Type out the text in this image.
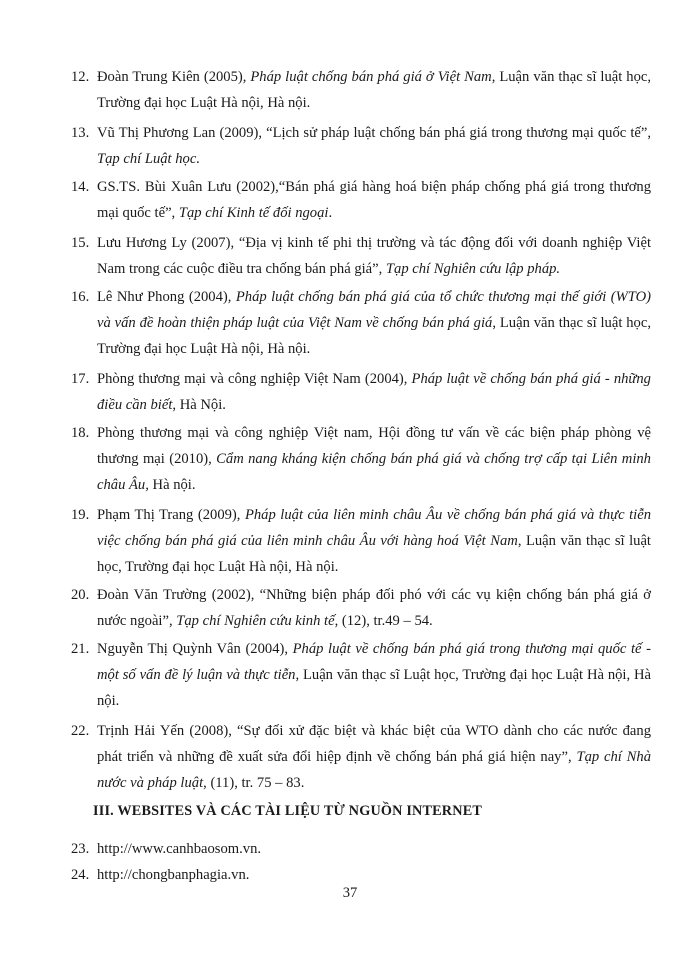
12. Đoàn Trung Kiên (2005), Pháp luật chống bán phá giá ở Việt Nam, Luận văn thạc sĩ luật học, Trường đại học Luật Hà nội, Hà nội.
13. Vũ Thị Phương Lan (2009), “Lịch sử pháp luật chống bán phá giá trong thương mại quốc tế”, Tạp chí Luật học.
14. GS.TS. Bùi Xuân Lưu (2002),“Bán phá giá hàng hoá biện pháp chống phá giá trong thương mại quốc tế”, Tạp chí Kinh tế đối ngoại.
15. Lưu Hương Ly (2007), “Địa vị kinh tế phi thị trường và tác động đối với doanh nghiệp Việt Nam trong các cuộc điều tra chống bán phá giá”, Tạp chí Nghiên cứu lập pháp.
16. Lê Như Phong (2004), Pháp luật chống bán phá giá của tổ chức thương mại thế giới (WTO) và vấn đề hoàn thiện pháp luật của Việt Nam về chống bán phá giá, Luận văn thạc sĩ luật học, Trường đại học Luật Hà nội, Hà nội.
17. Phòng thương mại và công nghiệp Việt Nam (2004), Pháp luật về chống bán phá giá - những điều cần biết, Hà Nội.
18. Phòng thương mại và công nghiệp Việt nam, Hội đồng tư vấn về các biện pháp phòng vệ thương mại (2010), Cẩm nang kháng kiện chống bán phá giá và chống trợ cấp tại Liên minh châu Âu, Hà nội.
19. Phạm Thị Trang (2009), Pháp luật của liên minh châu Âu về chống bán phá giá và thực tiễn việc chống bán phá giá của liên minh châu Âu với hàng hoá Việt Nam, Luận văn thạc sĩ luật học, Trường đại học Luật Hà nội, Hà nội.
20. Đoàn Văn Trường (2002), “Những biện pháp đối phó với các vụ kiện chống bán phá giá ở nước ngoài”, Tạp chí Nghiên cứu kinh tế, (12), tr.49 – 54.
21. Nguyễn Thị Quỳnh Vân (2004), Pháp luật về chống bán phá giá trong thương mại quốc tế - một số vấn đề lý luận và thực tiễn, Luận văn thạc sĩ Luật học, Trường đại học Luật Hà nội, Hà nội.
22. Trịnh Hải Yến (2008), “Sự đối xử đặc biệt và khác biệt của WTO dành cho các nước đang phát triển và những đề xuất sửa đổi hiệp định về chống bán phá giá hiện nay”, Tạp chí Nhà nước và pháp luật, (11), tr. 75 – 83.
III. WEBSITES VÀ CÁC TÀI LIỆU TỪ NGUỒN INTERNET
23. http://www.canhbaosom.vn.
24. http://chongbanphagia.vn.
37
